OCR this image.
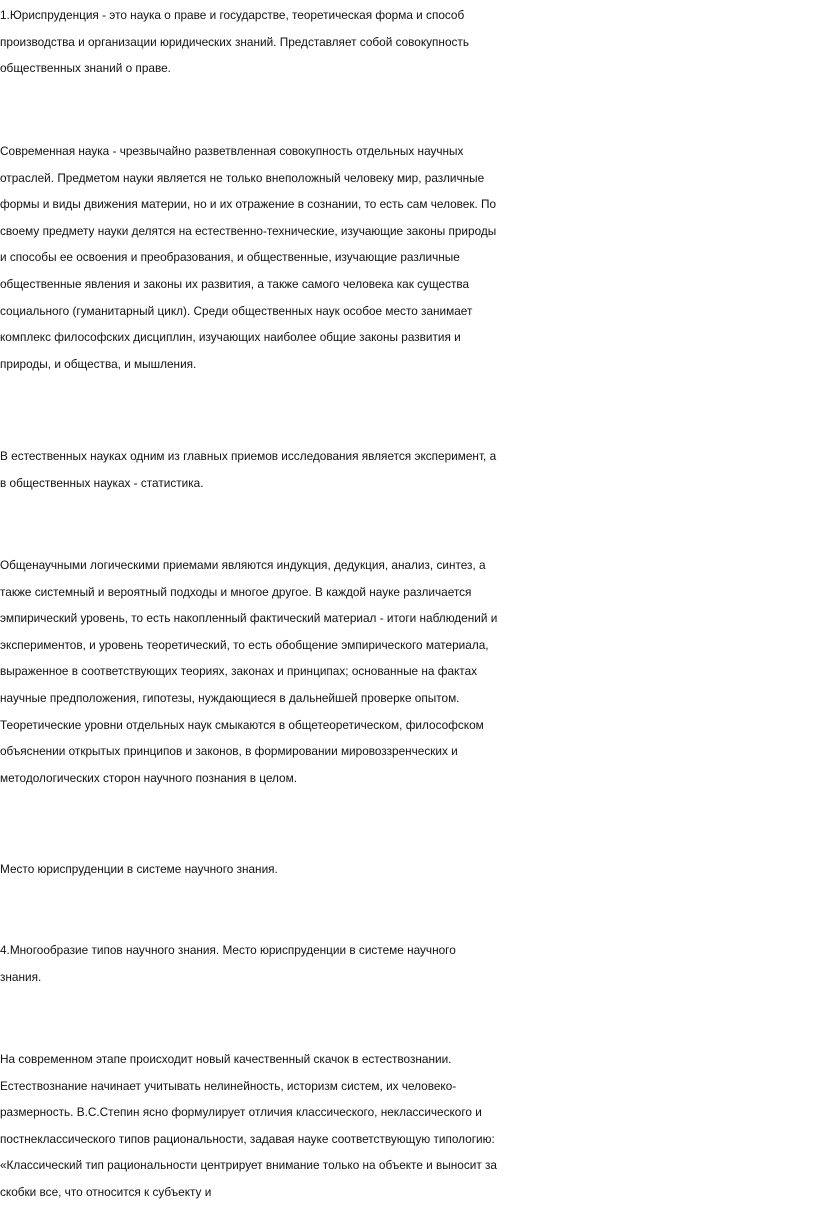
1.Юриспруденция - это наука о праве и государстве, теоретическая форма и способ
производства и организации юридических знаний. Представляет собой совокупность
общественных знаний о праве.
Современная наука - чрезвычайно разветвленная совокупность отдельных научных
отраслей. Предметом науки является не только внеположный человеку мир, различные
формы и виды движения материи, но и их отражение в сознании, то есть сам человек. По
своему предмету науки делятся на естественно-технические, изучающие законы природы
и способы ее освоения и преобразования, и общественные, изучающие различные
общественные явления и законы их развития, а также самого человека как существа
социального (гуманитарный цикл). Среди общественных наук особое место занимает
комплекс философских дисциплин, изучающих наиболее общие законы развития и
природы, и общества, и мышления.
В естественных науках одним из главных приемов исследования является эксперимент, а
в общественных науках - статистика.
Общенаучными логическими приемами являются индукция, дедукция, анализ, синтез, а
также системный и вероятный подходы и многое другое. В каждой науке различается
эмпирический уровень, то есть накопленный фактический материал - итоги наблюдений и
экспериментов, и уровень теоретический, то есть обобщение эмпирического материала,
выраженное в соответствующих теориях, законах и принципах; основанные на фактах
научные предположения, гипотезы, нуждающиеся в дальнейшей проверке опытом.
Теоретические уровни отдельных наук смыкаются в общетеоретическом, философском
объяснении открытых принципов и законов, в формировании мировоззренческих и
методологических сторон научного познания в целом.
Место юриспруденции в системе научного знания.
4.Многообразие типов научного знания. Место юриспруденции в системе научного
знания.
На современном этапе происходит новый качественный скачок в естествознании.
Естествознание начинает учитывать нелинейность, историзм систем, их человеко-
размерность. В.С.Степин ясно формулирует отличия классического, неклассического и
постнеклассического типов рациональности, задавая науке соответствующую типологию:
«Классический тип рациональности центрирует внимание только на объекте и выносит за
скобки все, что относится к субъекту и
